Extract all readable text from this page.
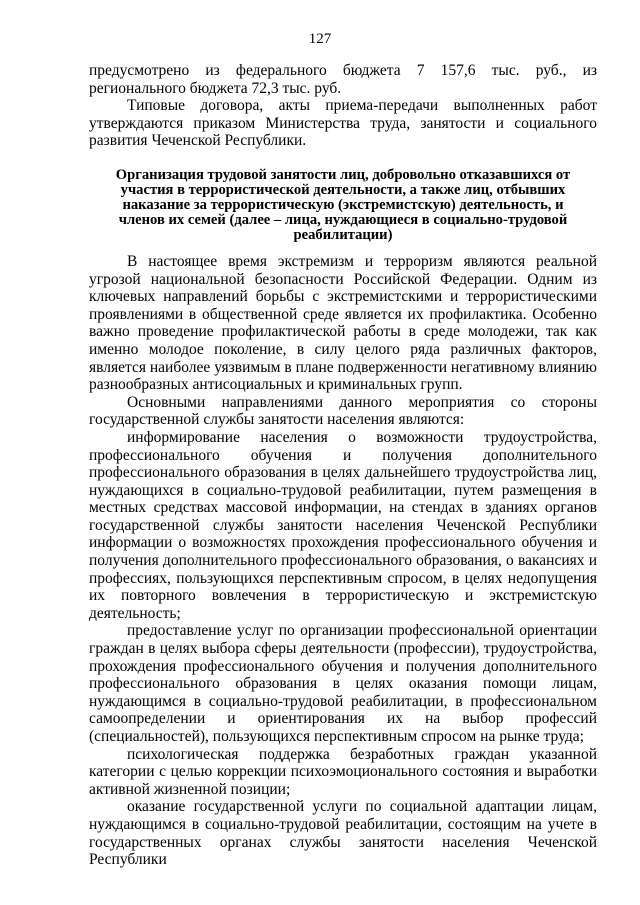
127

предусмотрено из федерального бюджета 7 157,6 тыс. руб., из регионального бюджета 72,3 тыс. руб.

Типовые договора, акты приема-передачи выполненных работ утверждаются приказом Министерства труда, занятости и социального развития Чеченской Республики.

Организация трудовой занятости лиц, добровольно отказавшихся от участия в террористической деятельности, а также лиц, отбывших наказание за террористическую (экстремистскую) деятельность, и членов их семей (далее – лица, нуждающиеся в социально-трудовой реабилитации)

В настоящее время экстремизм и терроризм являются реальной угрозой национальной безопасности Российской Федерации. Одним из ключевых направлений борьбы с экстремистскими и террористическими проявлениями в общественной среде является их профилактика. Особенно важно проведение профилактической работы в среде молодежи, так как именно молодое поколение, в силу целого ряда различных факторов, является наиболее уязвимым в плане подверженности негативному влиянию разнообразных антисоциальных и криминальных групп.

Основными направлениями данного мероприятия со стороны государственной службы занятости населения являются:

информирование населения о возможности трудоустройства, профессионального обучения и получения дополнительного профессионального образования в целях дальнейшего трудоустройства лиц, нуждающихся в социально-трудовой реабилитации, путем размещения в местных средствах массовой информации, на стендах в зданиях органов государственной службы занятости населения Чеченской Республики информации о возможностях прохождения профессионального обучения и получения дополнительного профессионального образования, о вакансиях и профессиях, пользующихся перспективным спросом, в целях недопущения их повторного вовлечения в террористическую и экстремистскую деятельность;

предоставление услуг по организации профессиональной ориентации граждан в целях выбора сферы деятельности (профессии), трудоустройства, прохождения профессионального обучения и получения дополнительного профессионального образования в целях оказания помощи лицам, нуждающимся в социально-трудовой реабилитации, в профессиональном самоопределении и ориентирования их на выбор профессий (специальностей), пользующихся перспективным спросом на рынке труда;

психологическая поддержка безработных граждан указанной категории с целью коррекции психоэмоционального состояния и выработки активной жизненной позиции;

оказание государственной услуги по социальной адаптации лицам, нуждающимся в социально-трудовой реабилитации, состоящим на учете в государственных органах службы занятости населения Чеченской Республики
